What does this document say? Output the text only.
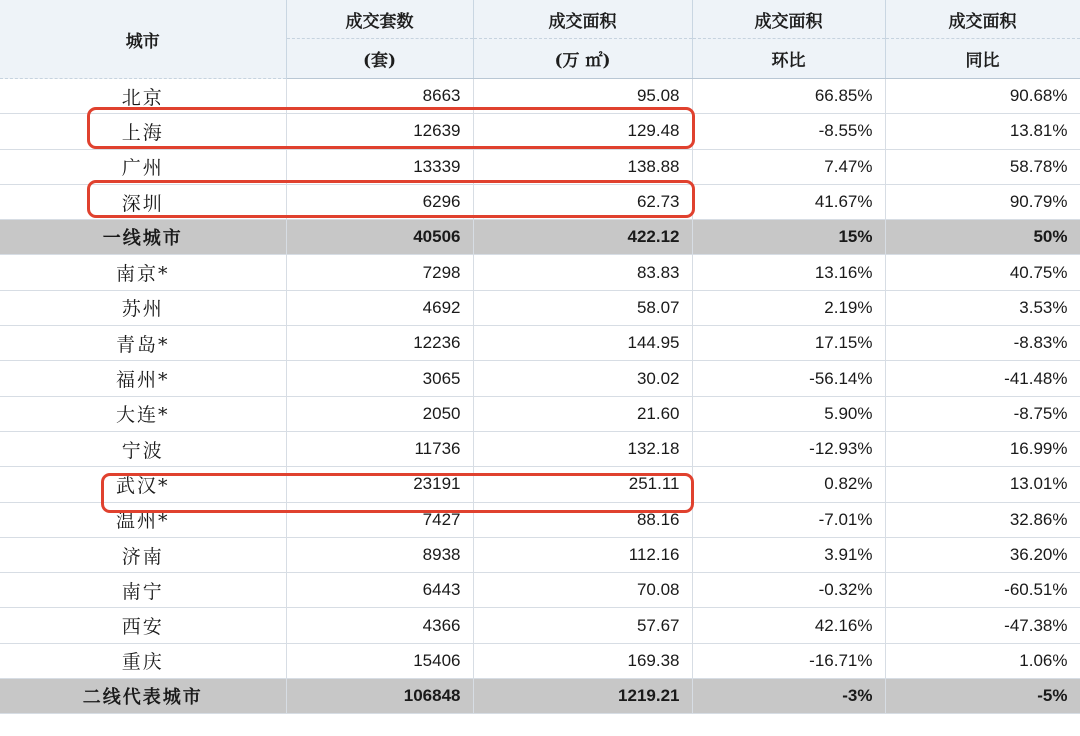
城市	成交套数	成交面积	成交面积	成交面积
	(套)	(万 ㎡)	环比	同比
北京	8663	95.08	66.85%	90.68%
上海	12639	129.48	-8.55%	13.81%
广州	13339	138.88	7.47%	58.78%
深圳	6296	62.73	41.67%	90.79%
一线城市	40506	422.12	15%	50%
南京*	7298	83.83	13.16%	40.75%
苏州	4692	58.07	2.19%	3.53%
青岛*	12236	144.95	17.15%	-8.83%
福州*	3065	30.02	-56.14%	-41.48%
大连*	2050	21.60	5.90%	-8.75%
宁波	11736	132.18	-12.93%	16.99%
武汉*	23191	251.11	0.82%	13.01%
温州*	7427	88.16	-7.01%	32.86%
济南	8938	112.16	3.91%	36.20%
南宁	6443	70.08	-0.32%	-60.51%
西安	4366	57.67	42.16%	-47.38%
重庆	15406	169.38	-16.71%	1.06%
二线代表城市	106848	1219.21	-3%	-5%
